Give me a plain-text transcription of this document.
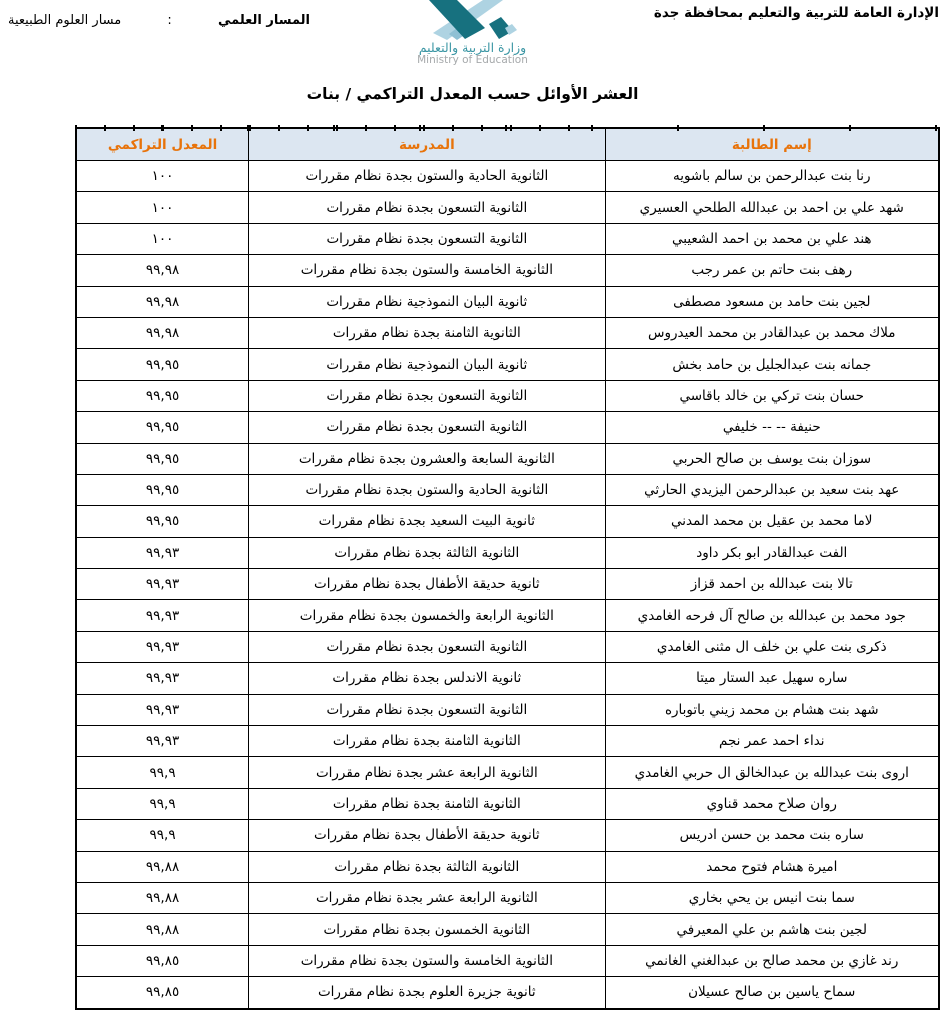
الإدارة العامة للتربية والتعليم بمحافظة جدة
وزارة التربية والتعليم
Ministry of Education
المسار العلمي
:
مسار العلوم الطبيعية
العشر الأوائل حسب المعدل التراكمي / بنات
إسم الطالبة	المدرسة	المعدل التراكمي
رنا بنت عبدالرحمن بن سالم باشويه	الثانوية الحادية والستون بجدة نظام مقررات	١٠٠
شهد علي بن احمد بن عبدالله الطلحي العسيري	الثانوية التسعون بجدة نظام مقررات	١٠٠
هند علي بن محمد بن احمد الشعيبي	الثانوية التسعون بجدة نظام مقررات	١٠٠
رهف بنت حاتم بن عمر رجب	الثانوية الخامسة والستون بجدة نظام مقررات	٩٩,٩٨
لجين بنت حامد بن مسعود مصطفى	ثانوية البيان النموذجية نظام مقررات	٩٩,٩٨
ملاك محمد بن عبدالقادر بن محمد العيدروس	الثانوية الثامنة بجدة نظام مقررات	٩٩,٩٨
جمانه بنت عبدالجليل بن حامد بخش	ثانوية البيان النموذجية نظام مقررات	٩٩,٩٥
حسان بنت تركي بن خالد باقاسي	الثانوية التسعون بجدة نظام مقررات	٩٩,٩٥
حنيفة -- -- خليفي	الثانوية التسعون بجدة نظام مقررات	٩٩,٩٥
سوزان بنت يوسف بن صالح الحربي	الثانوية السابعة والعشرون بجدة نظام مقررات	٩٩,٩٥
عهد بنت سعيد بن عبدالرحمن اليزيدي الحارثي	الثانوية الحادية والستون بجدة نظام مقررات	٩٩,٩٥
لاما محمد بن عقيل بن محمد المدني	ثانوية البيت السعيد بجدة نظام مقررات	٩٩,٩٥
الفت عبدالقادر ابو بكر داود	الثانوية الثالثة بجدة نظام مقررات	٩٩,٩٣
تالا بنت عبدالله بن احمد قزاز	ثانوية حديقة الأطفال بجدة نظام مقررات	٩٩,٩٣
جود محمد بن عبدالله بن صالح آل فرحه الغامدي	الثانوية الرابعة والخمسون بجدة نظام مقررات	٩٩,٩٣
ذكرى بنت علي بن خلف ال مثنى الغامدي	الثانوية التسعون بجدة نظام مقررات	٩٩,٩٣
ساره سهيل عبد الستار ميتا	ثانوية الاندلس بجدة نظام مقررات	٩٩,٩٣
شهد بنت هشام بن محمد زيني باتوباره	الثانوية التسعون بجدة نظام مقررات	٩٩,٩٣
نداء احمد عمر نجم	الثانوية الثامنة بجدة نظام مقررات	٩٩,٩٣
اروى بنت عبدالله بن عبدالخالق ال حربي الغامدي	الثانوية الرابعة عشر بجدة نظام مقررات	٩٩,٩
روان صلاح محمد قناوي	الثانوية الثامنة بجدة نظام مقررات	٩٩,٩
ساره بنت محمد بن حسن ادريس	ثانوية حديقة الأطفال بجدة نظام مقررات	٩٩,٩
اميرة هشام فتوح محمد	الثانوية الثالثة بجدة نظام مقررات	٩٩,٨٨
سما بنت انيس بن يحي بخاري	الثانوية الرابعة عشر بجدة نظام مقررات	٩٩,٨٨
لجين بنت هاشم بن علي المعيرفي	الثانوية الخمسون بجدة نظام مقررات	٩٩,٨٨
رند غازي بن محمد صالح بن عبدالغني الغانمي	الثانوية الخامسة والستون بجدة نظام مقررات	٩٩,٨٥
سماح ياسين بن صالح عسيلان	ثانوية جزيرة العلوم بجدة نظام مقررات	٩٩,٨٥
